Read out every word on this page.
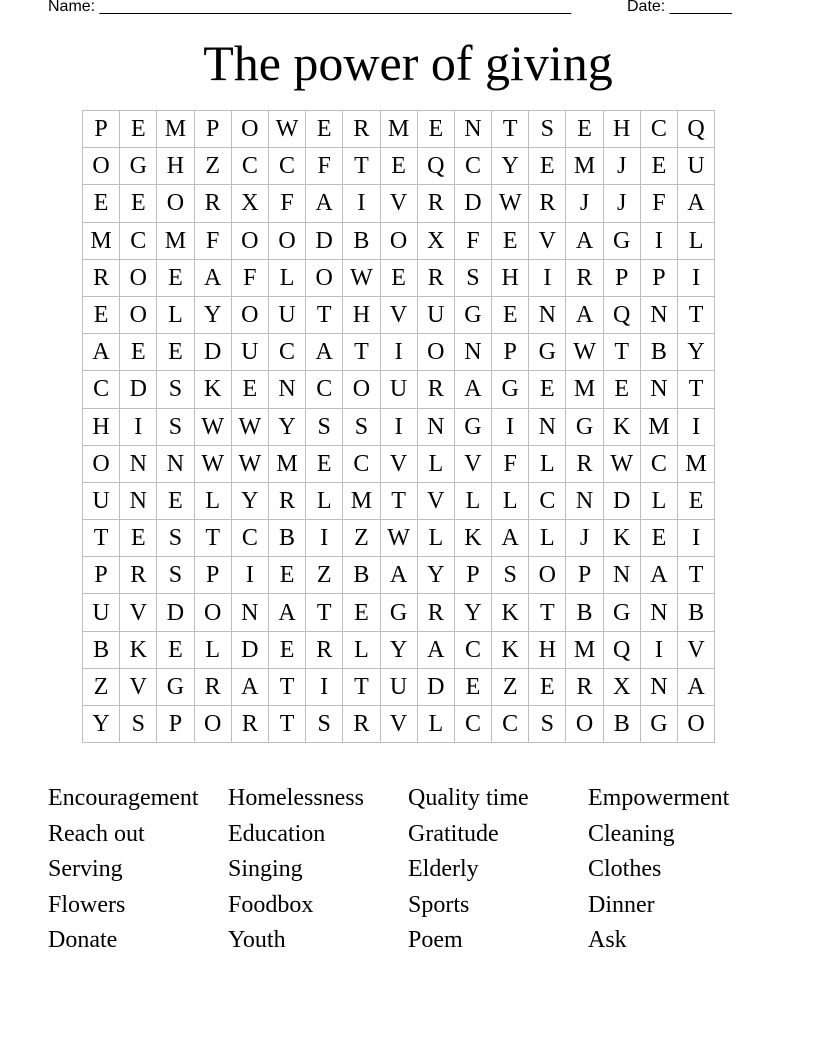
Name: _____________________________________________________	Date: _______
The power of giving
P	E	M	P	O	W	E	R	M	E	N	T	S	E	H	C	Q
O	G	H	Z	C	C	F	T	E	Q	C	Y	E	M	J	E	U
E	E	O	R	X	F	A	I	V	R	D	W	R	J	J	F	A
M	C	M	F	O	O	D	B	O	X	F	E	V	A	G	I	L
R	O	E	A	F	L	O	W	E	R	S	H	I	R	P	P	I
E	O	L	Y	O	U	T	H	V	U	G	E	N	A	Q	N	T
A	E	E	D	U	C	A	T	I	O	N	P	G	W	T	B	Y
C	D	S	K	E	N	C	O	U	R	A	G	E	M	E	N	T
H	I	S	W	W	Y	S	S	I	N	G	I	N	G	K	M	I
O	N	N	W	W	M	E	C	V	L	V	F	L	R	W	C	M
U	N	E	L	Y	R	L	M	T	V	L	L	C	N	D	L	E
T	E	S	T	C	B	I	Z	W	L	K	A	L	J	K	E	I
P	R	S	P	I	E	Z	B	A	Y	P	S	O	P	N	A	T
U	V	D	O	N	A	T	E	G	R	Y	K	T	B	G	N	B
B	K	E	L	D	E	R	L	Y	A	C	K	H	M	Q	I	V
Z	V	G	R	A	T	I	T	U	D	E	Z	E	R	X	N	A
Y	S	P	O	R	T	S	R	V	L	C	C	S	O	B	G	O
Encouragement	Homelessness	Quality time	Empowerment
Reach out	Education	Gratitude	Cleaning
Serving	Singing	Elderly	Clothes
Flowers	Foodbox	Sports	Dinner
Donate	Youth	Poem	Ask
